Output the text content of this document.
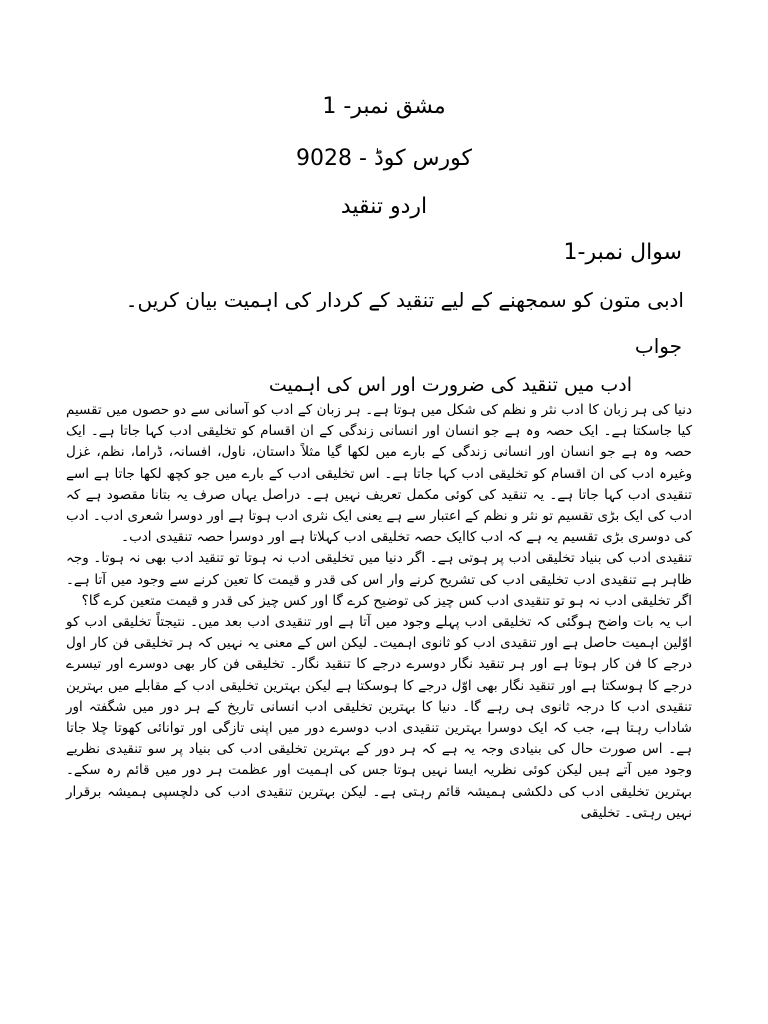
مشق نمبر- 1
کورس کوڈ - 9028
اردو تنقید
سوال نمبر-1
ادبی متون کو سمجھنے کے لیے تنقید کے کردار کی اہمیت بیان کریں۔
جواب
ادب میں تنقید کی ضرورت اور اس کی اہمیت

دنیا کی ہر زبان کا ادب نثر و نظم کی شکل میں ہوتا ہے۔ ہر زبان کے ادب کو آسانی سے دو حصوں میں تقسیم کیا جاسکتا ہے۔ ایک حصہ وہ ہے جو انسان اور انسانی زندگی کے ان اقسام کو تخلیقی ادب کہا جاتا ہے۔ ایک حصہ وہ ہے جو انسان اور انسانی زندگی کے بارے میں لکھا گیا مثلاً داستان، ناول، افسانہ، ڈراما، نظم، غزل وغیرہ ادب کی ان اقسام کو تخلیقی ادب کہا جاتا ہے۔ اس تخلیقی ادب کے بارے میں جو کچھ لکھا جاتا ہے اسے تنقیدی ادب کہا جاتا ہے۔ یہ تنقید کی کوئی مکمل تعریف نہیں ہے۔ دراصل یہاں صرف یہ بتانا مقصود ہے کہ ادب کی ایک بڑی تقسیم تو نثر و نظم کے اعتبار سے ہے یعنی ایک نثری ادب ہوتا ہے اور دوسرا شعری ادب۔ ادب کی دوسری بڑی تقسیم یہ ہے کہ ادب کاایک حصہ تخلیقی ادب کہلاتا ہے اور دوسرا حصہ تنقیدی ادب۔

تنقیدی ادب کی بنیاد تخلیقی ادب پر ہوتی ہے۔ اگر دنیا میں تخلیقی ادب نہ ہوتا تو تنقید ادب بھی نہ ہوتا۔ وجہ ظاہر ہے تنقیدی ادب تخلیقی ادب کی تشریح کرنے وار اس کی قدر و قیمت کا تعین کرنے سے وجود میں آتا ہے۔ اگر تخلیقی ادب نہ ہو تو تنقیدی ادب کس چیز کی توضیح کرے گا اور کس چیز کی قدر و قیمت متعین کرے گا؟

اب یہ بات واضح ہوگئی کہ تخلیقی ادب پہلے وجود میں آتا ہے اور تنقیدی ادب بعد میں۔ نتیجتاً تخلیقی ادب کو اوّلین اہمیت حاصل ہے اور تنقیدی ادب کو ثانوی اہمیت۔ لیکن اس کے معنی یہ نہیں کہ ہر تخلیقی فن کار اول درجے کا فن کار ہوتا ہے اور ہر تنقید نگار دوسرے درجے کا تنقید نگار۔ تخلیقی فن کار بھی دوسرے اور تیسرے درجے کا ہوسکتا ہے اور تنقید نگار بھی اوّل درجے کا ہوسکتا ہے لیکن بہترین تخلیقی ادب کے مقابلے میں بہترین تنقیدی ادب کا درجہ ثانوی ہی رہے گا۔ دنیا کا بہترین تخلیقی ادب انسانی تاریخ کے ہر دور میں شگفتہ اور شاداب رہتا ہے، جب کہ ایک دوسرا بہترین تنقیدی ادب دوسرے دور میں اپنی تازگی اور توانائی کھوتا چلا جاتا ہے۔ اس صورت حال کی بنیادی وجہ یہ ہے کہ ہر دور کے بہترین تخلیقی ادب کی بنیاد پر سو تنقیدی نظریے وجود میں آتے ہیں لیکن کوئی نظریہ ایسا نہیں ہوتا جس کی اہمیت اور عظمت ہر دور میں قائم رہ سکے۔ بہترین تخلیقی ادب کی دلکشی ہمیشہ قائم رہتی ہے۔ لیکن بہترین تنقیدی ادب کی دلچسپی ہمیشہ برقرار نہیں رہتی۔ تخلیقی
